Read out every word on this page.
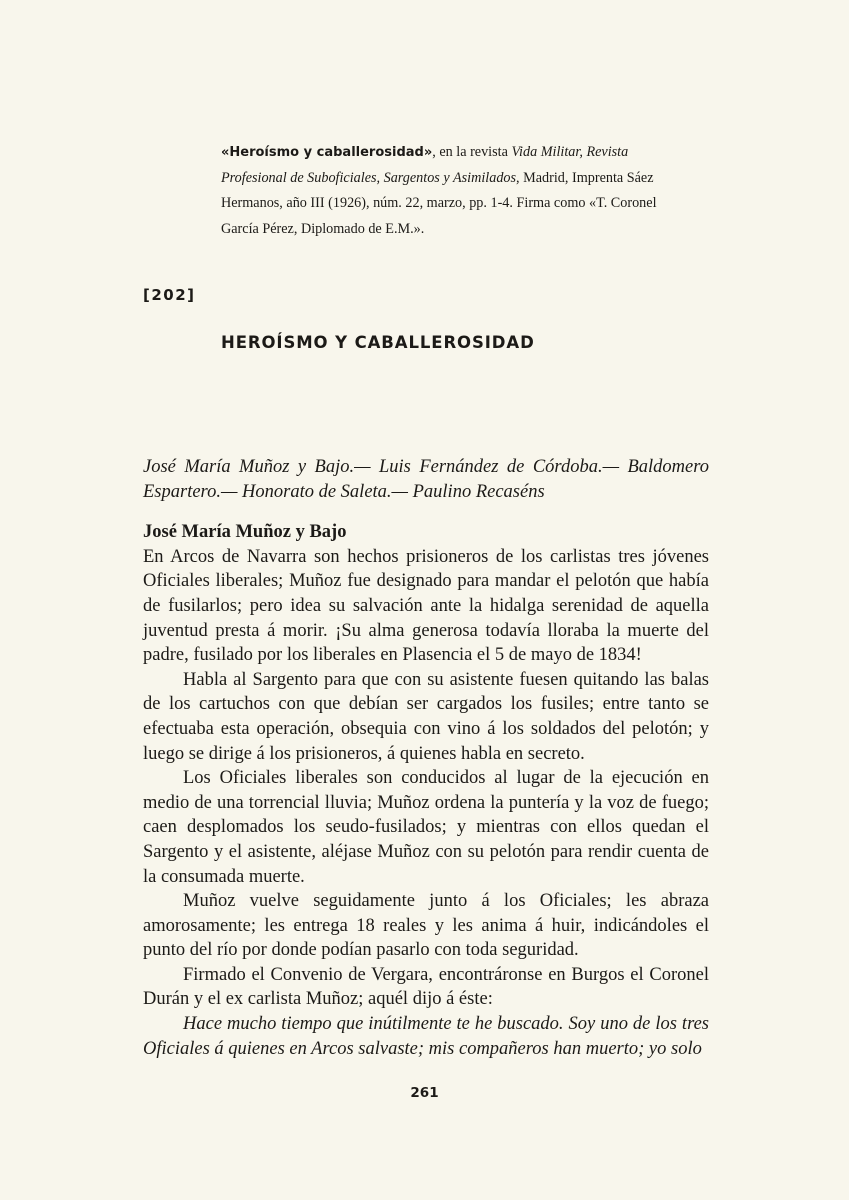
«Heroísmo y caballerosidad», en la revista Vida Militar, Revista Profesional de Suboficiales, Sargentos y Asimilados, Madrid, Imprenta Sáez Hermanos, año III (1926), núm. 22, marzo, pp. 1-4. Firma como «T. Coronel García Pérez, Diplomado de E.M.».
[202]
HEROÍSMO Y CABALLEROSIDAD

José María Muñoz y Bajo.— Luis Fernández de Córdoba.— Baldomero Espartero.— Honorato de Saleta.— Paulino Recaséns

José María Muñoz y Bajo

En Arcos de Navarra son hechos prisioneros de los carlistas tres jóvenes Oficiales liberales; Muñoz fue designado para mandar el pelotón que había de fusilarlos; pero idea su salvación ante la hidalga serenidad de aquella juventud presta á morir. ¡Su alma generosa todavía lloraba la muerte del padre, fusilado por los liberales en Plasencia el 5 de mayo de 1834!

Habla al Sargento para que con su asistente fuesen quitando las balas de los cartuchos con que debían ser cargados los fusiles; entre tanto se efectuaba esta operación, obsequia con vino á los soldados del pelotón; y luego se dirige á los prisioneros, á quienes habla en secreto.

Los Oficiales liberales son conducidos al lugar de la ejecución en medio de una torrencial lluvia; Muñoz ordena la puntería y la voz de fuego; caen desplomados los seudo-fusilados; y mientras con ellos quedan el Sargento y el asistente, aléjase Muñoz con su pelotón para rendir cuenta de la consumada muerte.

Muñoz vuelve seguidamente junto á los Oficiales; les abraza amorosamente; les entrega 18 reales y les anima á huir, indicándoles el punto del río por donde podían pasarlo con toda seguridad.

Firmado el Convenio de Vergara, encontráronse en Burgos el Coronel Durán y el ex carlista Muñoz; aquél dijo á éste:

Hace mucho tiempo que inútilmente te he buscado. Soy uno de los tres Oficiales á quienes en Arcos salvaste; mis compañeros han muerto; yo solo

261
